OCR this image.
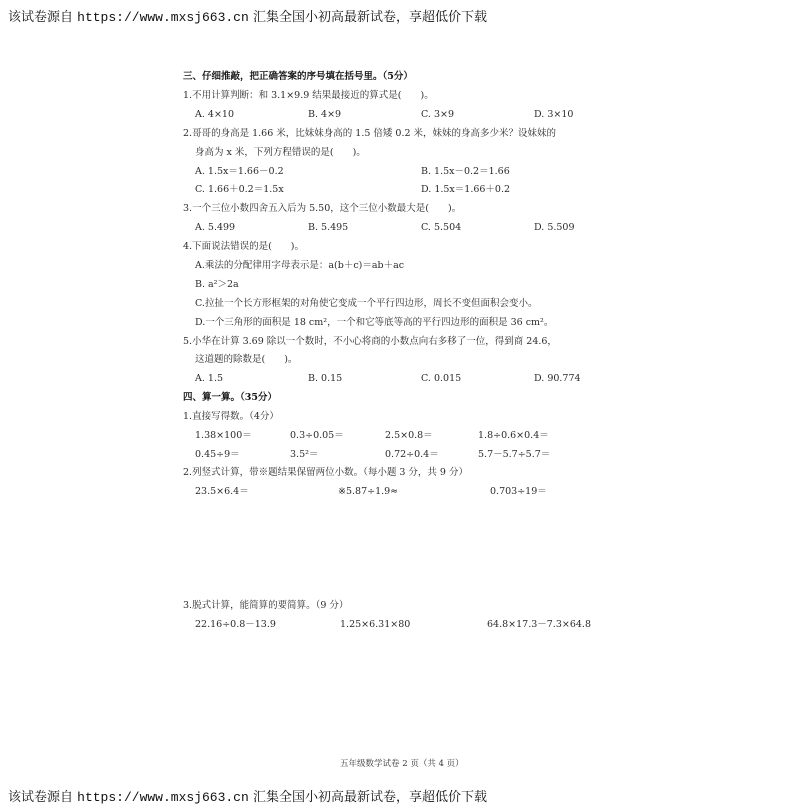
该试卷源自 https://www.mxsj663.cn 汇集全国小初高最新试卷，享超低价下载
三、仔细推敲，把正确答案的序号填在括号里。（5分）
1.不用计算判断：和 3.1×9.9 结果最接近的算式是(　　)。
A. 4×10	B. 4×9	C. 3×9	D. 3×10
2.哥哥的身高是 1.66 米，比妹妹身高的 1.5 倍矮 0.2 米，妹妹的身高多少米？设妹妹的
身高为 x 米，下列方程错误的是(　　)。
A. 1.5x＝1.66－0.2	B. 1.5x－0.2＝1.66
C. 1.66＋0.2＝1.5x	D. 1.5x＝1.66＋0.2
3.一个三位小数四舍五入后为 5.50，这个三位小数最大是(　　)。
A. 5.499	B. 5.495	C. 5.504	D. 5.509
4.下面说法错误的是(　　)。
A.乘法的分配律用字母表示是：a(b＋c)＝ab＋ac
B. a²＞2a
C.拉扯一个长方形框架的对角使它变成一个平行四边形，周长不变但面积会变小。
D.一个三角形的面积是 18 cm²，一个和它等底等高的平行四边形的面积是 36 cm²。
5.小华在计算 3.69 除以一个数时，不小心将商的小数点向右多移了一位，得到商 24.6，
这道题的除数是(　　)。
A. 1.5	B. 0.15	C. 0.015	D. 90.774
四、算一算。（35分）
1.直接写得数。（4分）
1.38×100＝	0.3÷0.05＝	2.5×0.8＝	1.8÷0.6×0.4＝
0.45÷9＝	3.5²＝	0.72÷0.4＝	5.7－5.7÷5.7＝
2.列竖式计算，带※题结果保留两位小数。（每小题 3 分，共 9 分）
23.5×6.4＝	※5.87÷1.9≈	0.703÷19＝
3.脱式计算，能简算的要简算。（9 分）
22.16÷0.8－13.9	1.25×6.31×80	64.8×17.3－7.3×64.8
五年级数学试卷 2 页（共 4 页）
该试卷源自 https://www.mxsj663.cn 汇集全国小初高最新试卷，享超低价下载
